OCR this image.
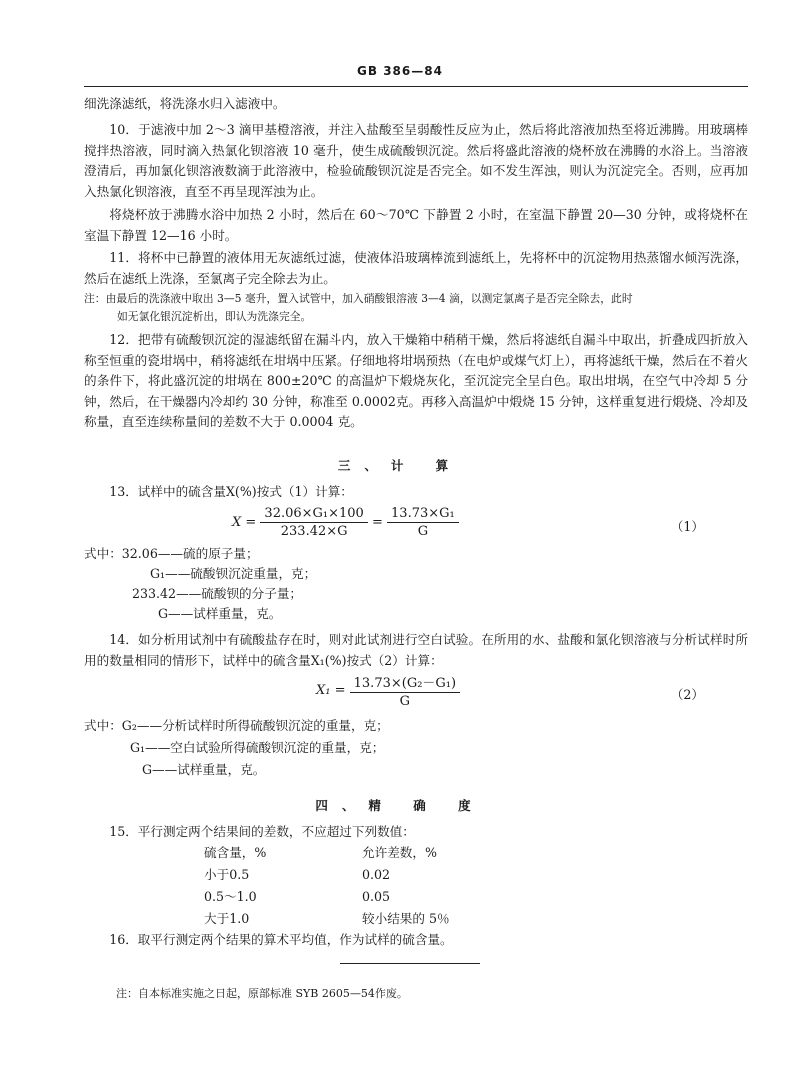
GB 386—84
细洗涤滤纸，将洗涤水归入滤液中。
10．于滤液中加 2～3 滴甲基橙溶液，并注入盐酸至呈弱酸性反应为止，然后将此溶液加热至将近沸腾。用玻璃棒搅拌热溶液，同时滴入热氯化钡溶液 10 毫升，使生成硫酸钡沉淀。然后将盛此溶液的烧杯放在沸腾的水浴上。当溶液澄清后，再加氯化钡溶液数滴于此溶液中，检验硫酸钡沉淀是否完全。如不发生浑浊，则认为沉淀完全。否则，应再加入热氯化钡溶液，直至不再呈现浑浊为止。
将烧杯放于沸腾水浴中加热 2 小时，然后在 60～70℃ 下静置 2 小时，在室温下静置 20—30 分钟，或将烧杯在室温下静置 12—16 小时。
11．将杯中已静置的液体用无灰滤纸过滤，使液体沿玻璃棒流到滤纸上，先将杯中的沉淀物用热蒸馏水倾泻洗涤，然后在滤纸上洗涤，至氯离子完全除去为止。
注：由最后的洗涤液中取出 3—5 毫升，置入试管中，加入硝酸银溶液 3—4 滴，以测定氯离子是否完全除去，此时
如无氯化银沉淀析出，即认为洗涤完全。
12．把带有硫酸钡沉淀的湿滤纸留在漏斗内，放入干燥箱中稍稍干燥，然后将滤纸自漏斗中取出，折叠成四折放入称至恒重的瓷坩埚中，稍将滤纸在坩埚中压紧。仔细地将坩埚预热（在电炉或煤气灯上），再将滤纸干燥，然后在不着火的条件下，将此盛沉淀的坩埚在 800±20℃ 的高温炉下煅烧灰化，至沉淀完全呈白色。取出坩埚，在空气中冷却 5 分钟，然后，在干燥器内冷却约 30 分钟，称准至 0.0002克。再移入高温炉中煅烧 15 分钟，这样重复进行煅烧、冷却及称量，直至连续称量间的差数不大于 0.0004 克。
三、计 算
13．试样中的硫含量X(%)按式（1）计算：
$X = \frac{\text{32.06×G₁×100}}{233.42\times G} = \frac{\text{13.73×G₁}}{G}$	（1）
式中：32.06——硫的原子量；
G₁——硫酸钡沉淀重量，克；
233.42——硫酸钡的分子量；
G——试样重量，克。
14．如分析用试剂中有硫酸盐存在时，则对此试剂进行空白试验。在所用的水、盐酸和氯化钡溶液与分析试样时所用的数量相同的情形下，试样中的硫含量X₁(%)按式（2）计算：
$X_1 = \frac{\text{13.73×(G₂－G₁)}}{G}$	（2）
式中：G₂——分析试样时所得硫酸钡沉淀的重量，克；
G₁——空白试验所得硫酸钡沉淀的重量，克；
G——试样重量，克。
四、精 确 度
15．平行测定两个结果间的差数，不应超过下列数值：
硫含量，%	允许差数，%
小于0.5	0.02
0.5～1.0	0.05
大于1.0	较小结果的 5％
16．取平行测定两个结果的算术平均值，作为试样的硫含量。
注：自本标准实施之日起，原部标准 SYB 2605—54作废。
